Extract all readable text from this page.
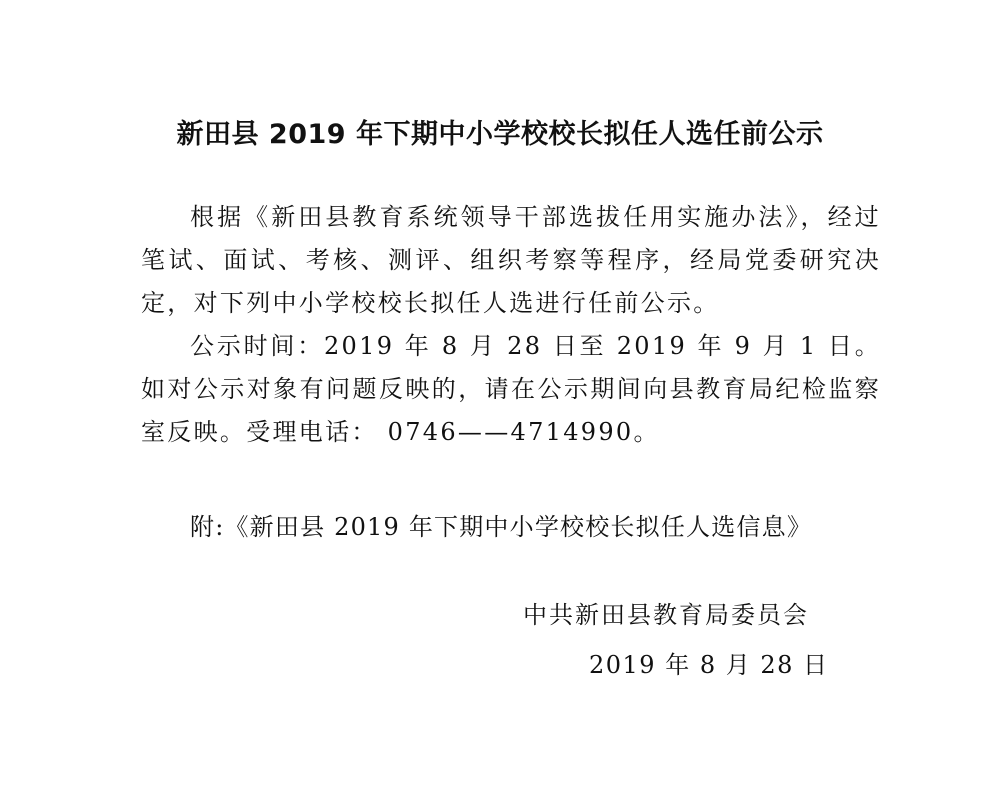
新田县 2019 年下期中小学校校长拟任人选任前公示

根据《新田县教育系统领导干部选拔任用实施办法》，经过笔试、面试、考核、测评、组织考察等程序，经局党委研究决定，对下列中小学校校长拟任人选进行任前公示。

公示时间：2019 年 8 月 28 日至 2019 年 9 月 1 日。如对公示对象有问题反映的，请在公示期间向县教育局纪检监察室反映。受理电话： 0746——4714990。

附:《新田县 2019 年下期中小学校校长拟任人选信息》

中共新田县教育局委员会

2019 年 8 月 28 日
